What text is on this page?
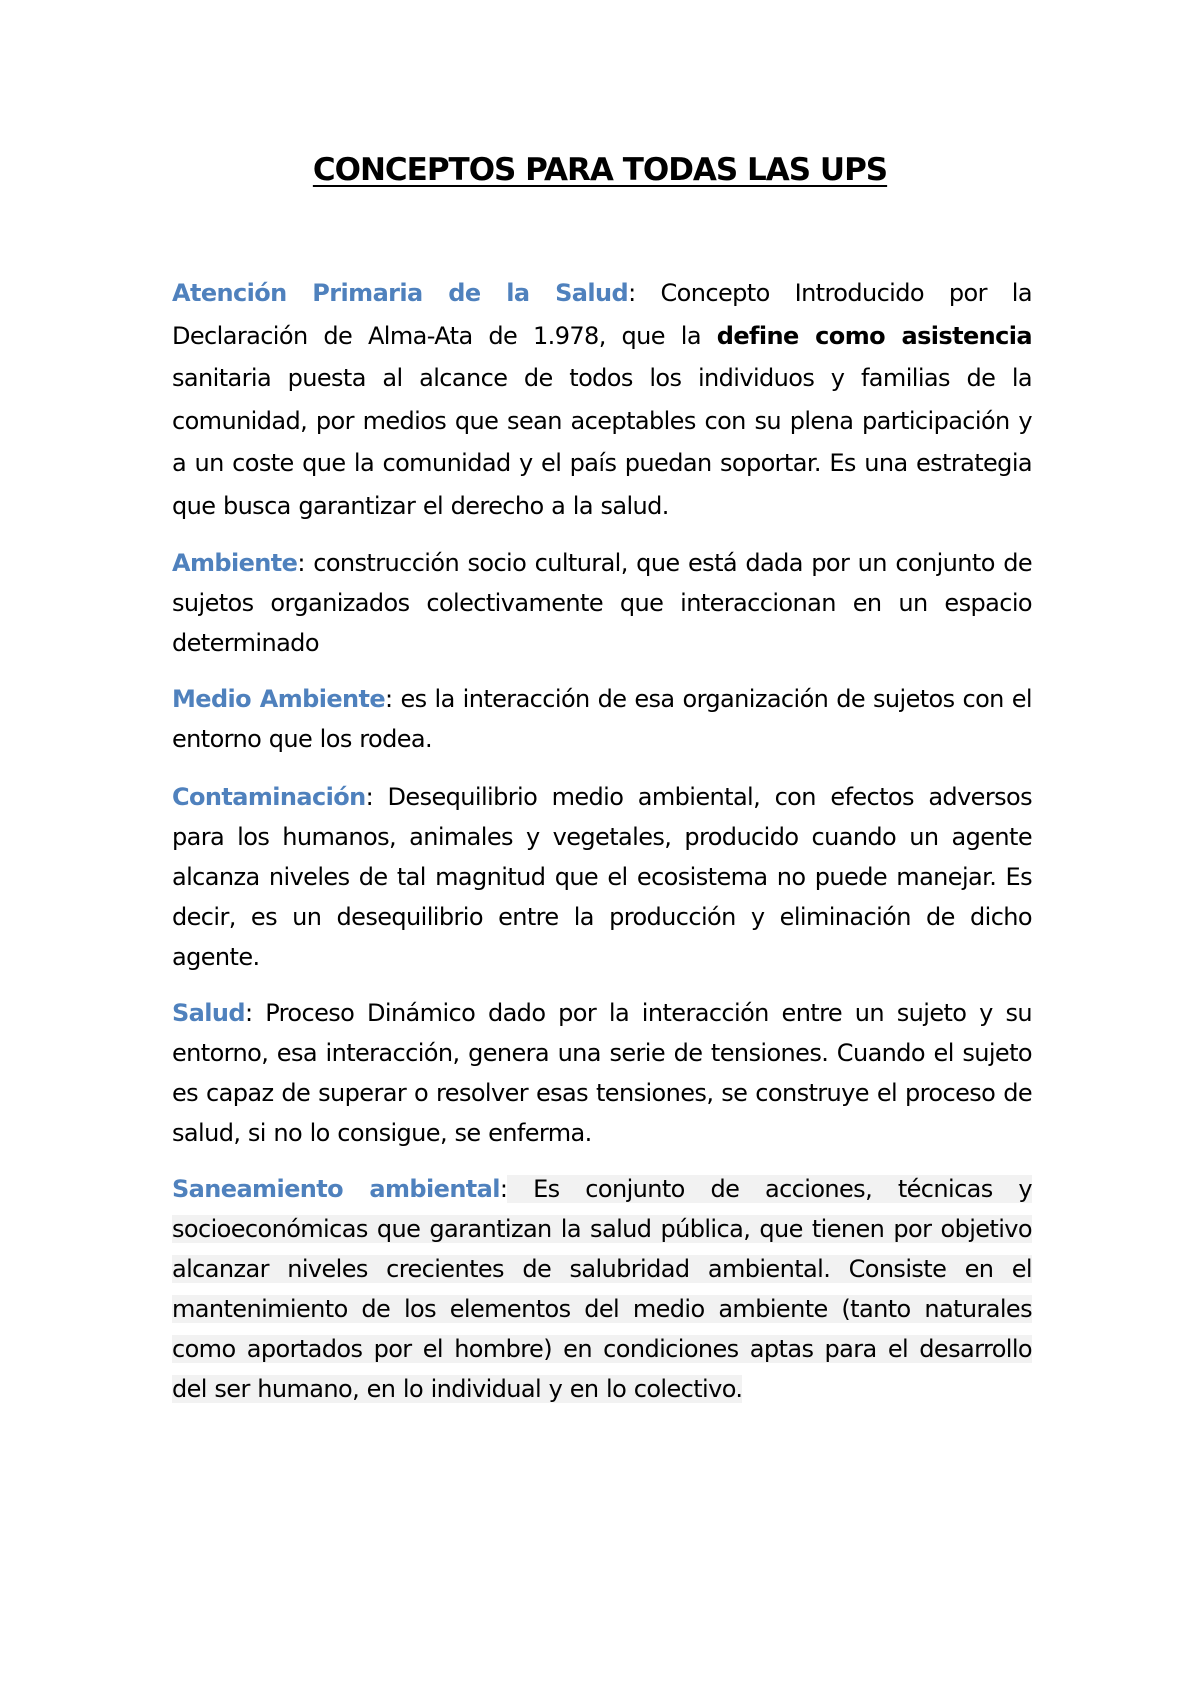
CONCEPTOS PARA TODAS LAS UPS

Atención Primaria de la Salud: Concepto Introducido por la Declaración de Alma-Ata de 1.978, que la define como asistencia sanitaria puesta al alcance de todos los individuos y familias de la comunidad, por medios que sean aceptables con su plena participación y a un coste que la comunidad y el país puedan soportar. Es una estrategia que busca garantizar el derecho a la salud.

Ambiente: construcción socio cultural, que está dada por un conjunto de sujetos organizados colectivamente que interaccionan en un espacio determinado

Medio Ambiente: es la interacción de esa organización de sujetos con el entorno que los rodea.

Contaminación: Desequilibrio medio ambiental, con efectos adversos para los humanos, animales y vegetales, producido cuando un agente alcanza niveles de tal magnitud que el ecosistema no puede manejar. Es decir, es un desequilibrio entre la producción y eliminación de dicho agente.

Salud: Proceso Dinámico dado por la interacción entre un sujeto y su entorno, esa interacción, genera una serie de tensiones. Cuando el sujeto es capaz de superar o resolver esas tensiones, se construye el proceso de salud, si no lo consigue, se enferma.

Saneamiento ambiental: Es conjunto de acciones, técnicas y socioeconómicas que garantizan la salud pública, que tienen por objetivo alcanzar niveles crecientes de salubridad ambiental. Consiste en el mantenimiento de los elementos del medio ambiente (tanto naturales como aportados por el hombre) en condiciones aptas para el desarrollo del ser humano, en lo individual y en lo colectivo.
